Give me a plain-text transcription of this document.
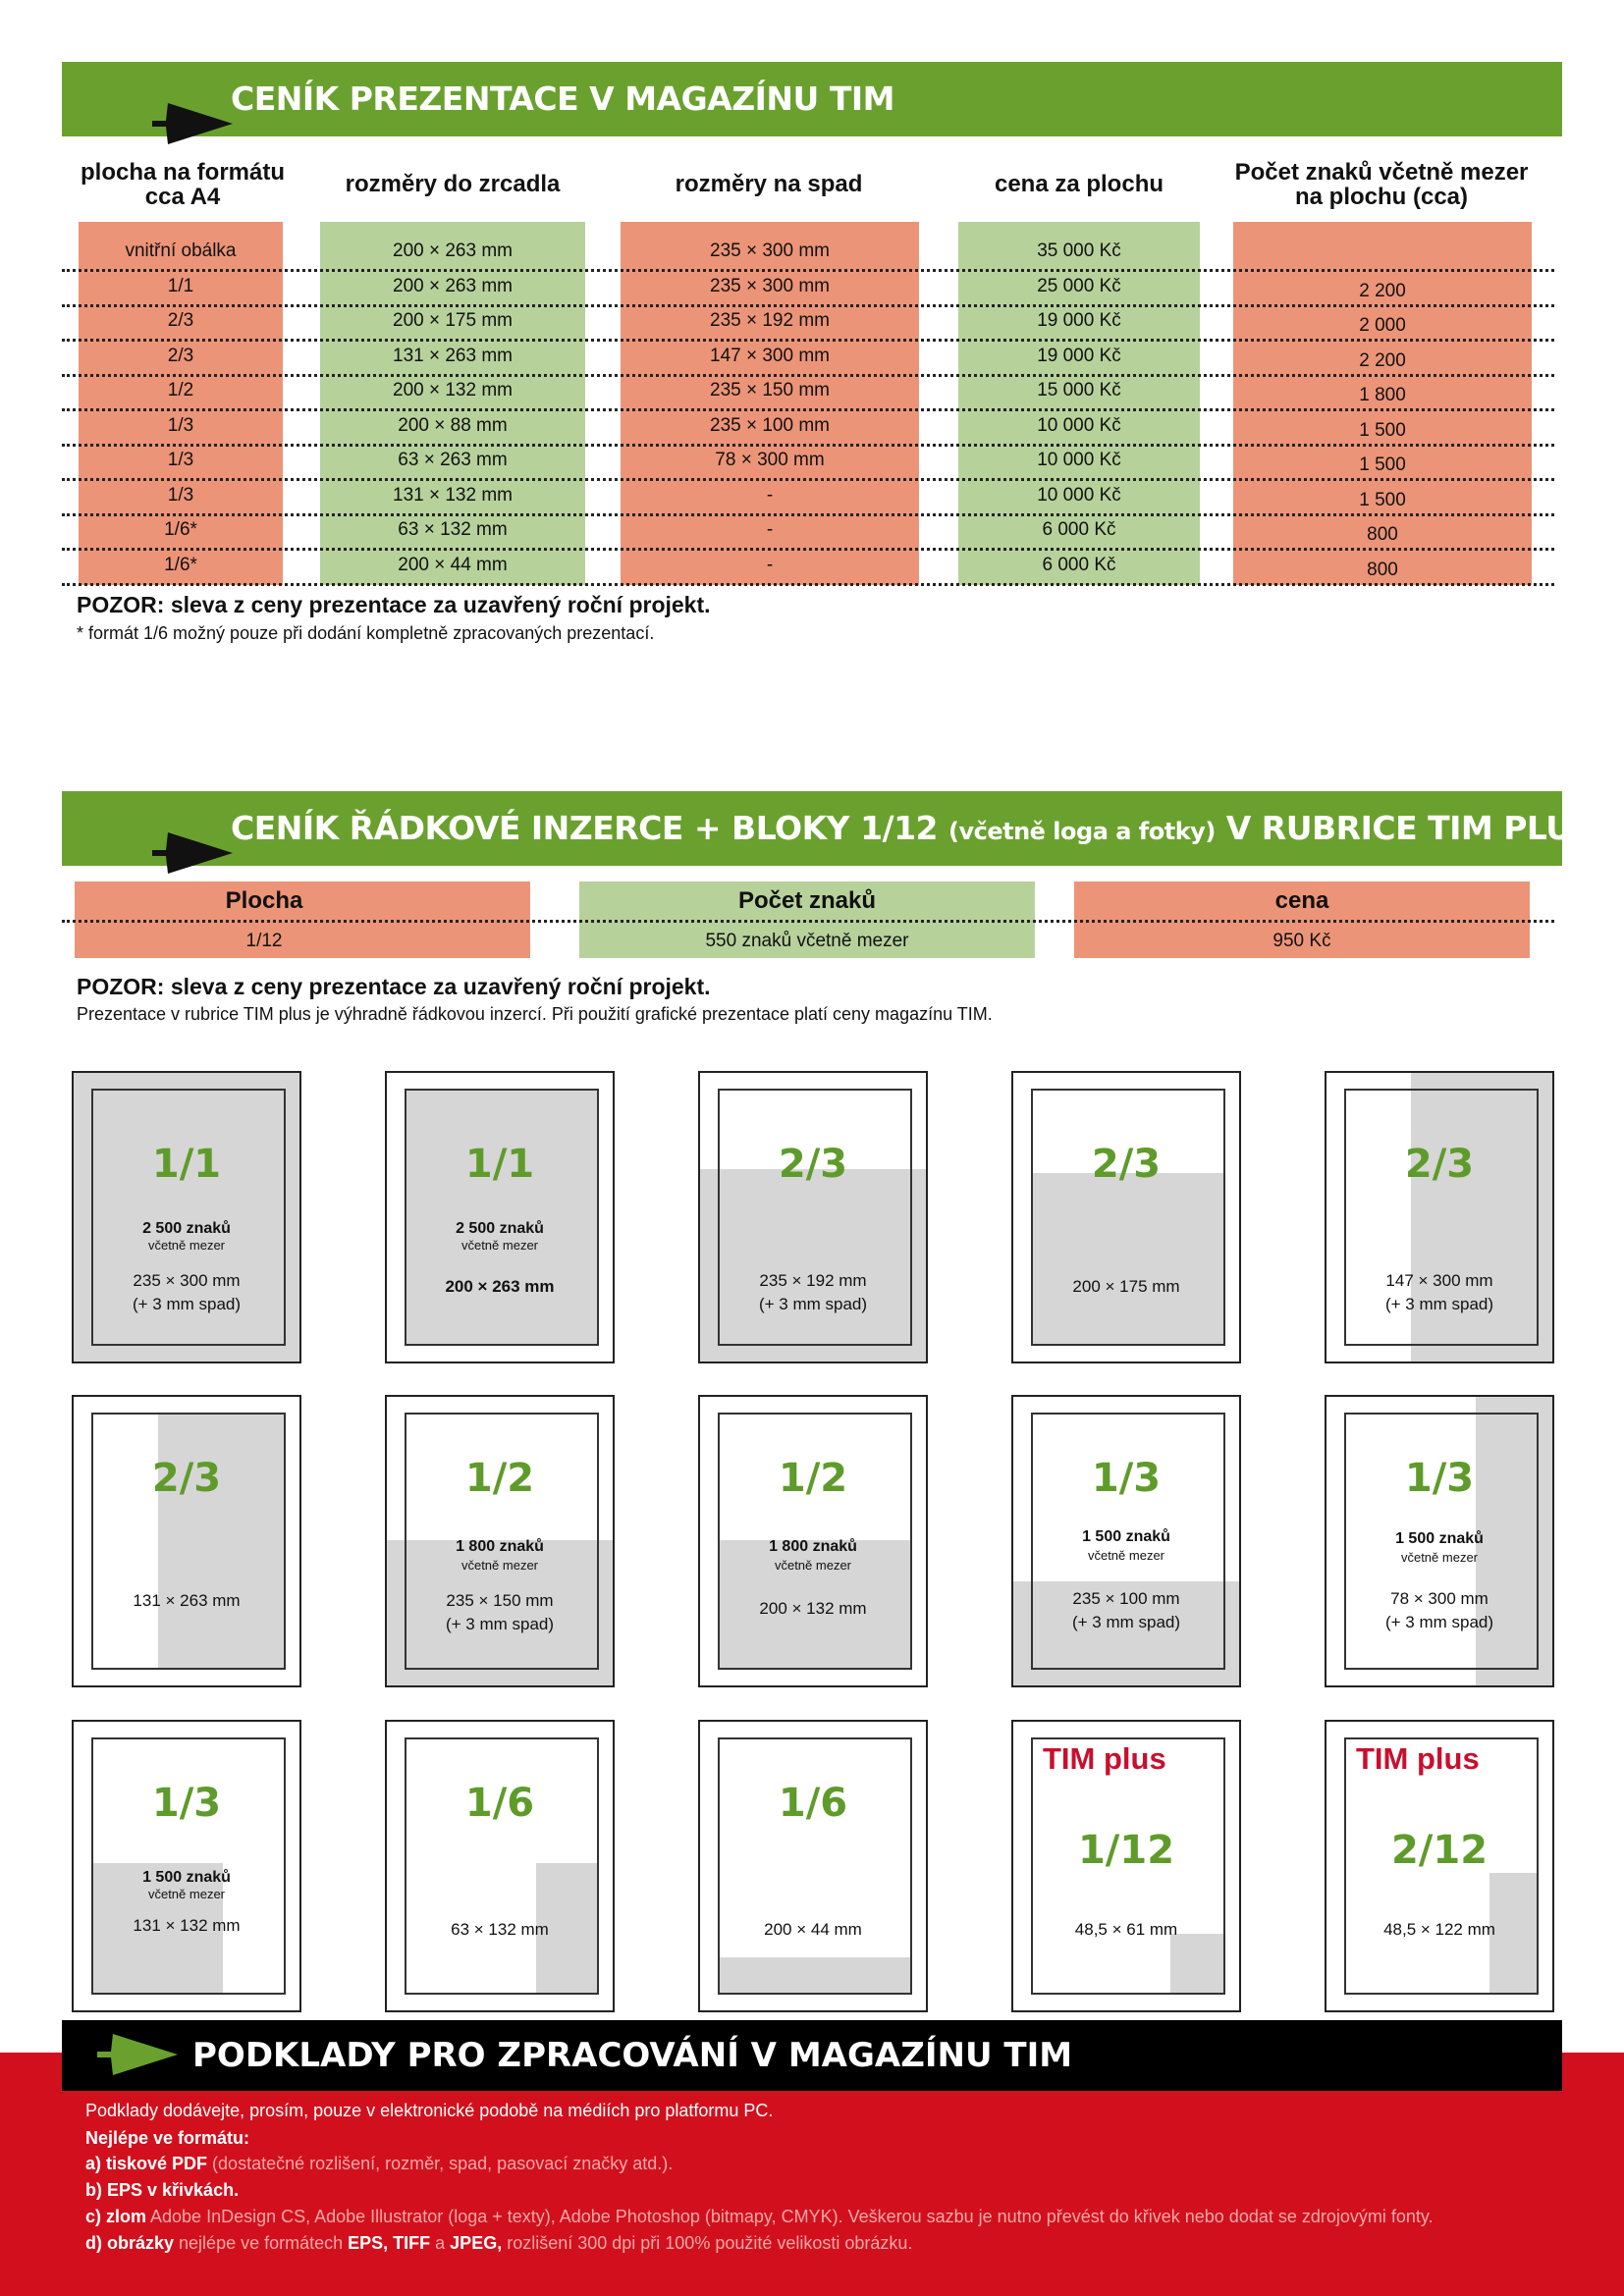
CENÍK PREZENTACE V MAGAZÍNU TIM
plocha na formátu cca A4	rozměry do zrcadla	rozměry na spad	cena za plochu	Počet znaků včetně mezer na plochu (cca)
vnitřní obálka	200 × 263 mm	235 × 300 mm	35 000 Kč
1/1	200 × 263 mm	235 × 300 mm	25 000 Kč	2 200
2/3	200 × 175 mm	235 × 192 mm	19 000 Kč	2 000
2/3	131 × 263 mm	147 × 300 mm	19 000 Kč	2 200
1/2	200 × 132 mm	235 × 150 mm	15 000 Kč	1 800
1/3	200 × 88 mm	235 × 100 mm	10 000 Kč	1 500
1/3	63 × 263 mm	78 × 300 mm	10 000 Kč	1 500
1/3	131 × 132 mm	-	10 000 Kč	1 500
1/6*	63 × 132 mm	-	6 000 Kč	800
1/6*	200 × 44 mm	-	6 000 Kč	800
POZOR: sleva z ceny prezentace za uzavřený roční projekt.
* formát 1/6 možný pouze při dodání kompletně zpracovaných prezentací.
CENÍK ŘÁDKOVÉ INZERCE + BLOKY 1/12 (včetně loga a fotky) V RUBRICE TIM PLUS
Plocha	Počet znaků	cena
1/12	550 znaků včetně mezer	950 Kč
POZOR: sleva z ceny prezentace za uzavřený roční projekt.
Prezentace v rubrice TIM plus je výhradně řádkovou inzercí. Při použití grafické prezentace platí ceny magazínu TIM.
1/1
2 500 znaků
včetně mezer
235 × 300 mm
(+ 3 mm spad)
1/1
2 500 znaků
včetně mezer
200 × 263 mm
2/3
235 × 192 mm
(+ 3 mm spad)
2/3
200 × 175 mm
2/3
147 × 300 mm
(+ 3 mm spad)
2/3
131 × 263 mm
1/2
1 800 znaků
včetně mezer
235 × 150 mm
(+ 3 mm spad)
1/2
1 800 znaků
včetně mezer
200 × 132 mm
1/3
1 500 znaků
včetně mezer
235 × 100 mm
(+ 3 mm spad)
1/3
1 500 znaků
včetně mezer
78 × 300 mm
(+ 3 mm spad)
1/3
1 500 znaků
včetně mezer
131 × 132 mm
1/6
63 × 132 mm
1/6
200 × 44 mm
TIM plus
1/12
48,5 × 61 mm
TIM plus
2/12
48,5 × 122 mm
PODKLADY PRO ZPRACOVÁNÍ V MAGAZÍNU TIM
Podklady dodávejte, prosím, pouze v elektronické podobě na médiích pro platformu PC.
Nejlépe ve formátu:
a) tiskové PDF (dostatečné rozlišení, rozměr, spad, pasovací značky atd.).
b) EPS v křivkách.
c) zlom Adobe InDesign CS, Adobe Illustrator (loga + texty), Adobe Photoshop (bitmapy, CMYK). Veškerou sazbu je nutno převést do křivek nebo dodat se zdrojovými fonty.
d) obrázky nejlépe ve formátech EPS, TIFF a JPEG, rozlišení 300 dpi při 100% použité velikosti obrázku.
